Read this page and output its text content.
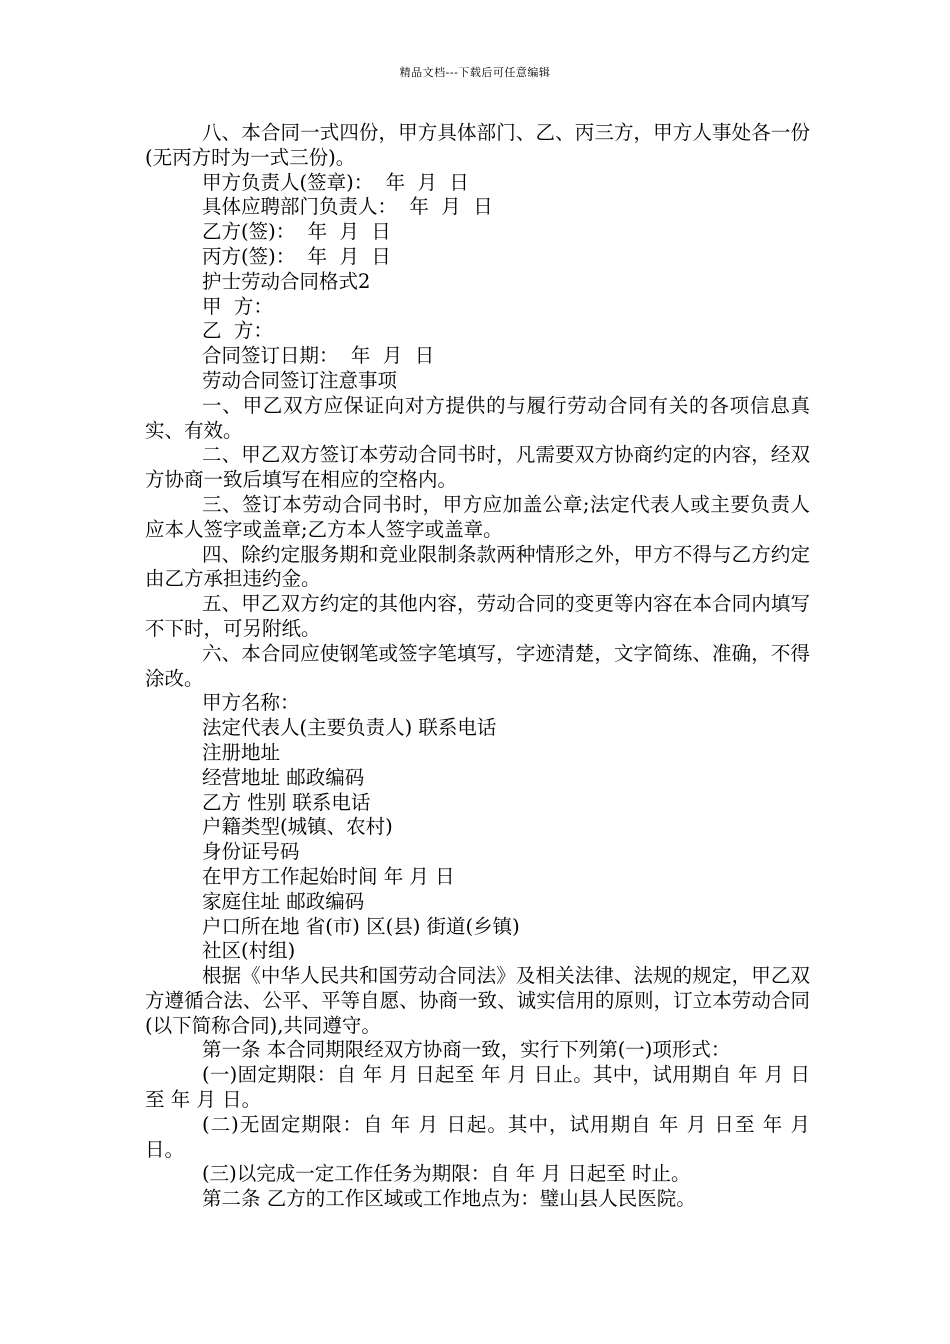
精品文档---下载后可任意编辑

八、本合同一式四份，甲方具体部门、乙、丙三方，甲方人事处各一份(无丙方时为一式三份)。

甲方负责人(签章)：  年  月  日

具体应聘部门负责人：  年  月  日

乙方(签)：  年  月  日

丙方(签)：  年  月  日

护士劳动合同格式2

甲  方：

乙  方：

合同签订日期：  年  月  日

劳动合同签订注意事项

一、甲乙双方应保证向对方提供的与履行劳动合同有关的各项信息真实、有效。

二、甲乙双方签订本劳动合同书时，凡需要双方协商约定的内容，经双方协商一致后填写在相应的空格内。

三、签订本劳动合同书时，甲方应加盖公章;法定代表人或主要负责人应本人签字或盖章;乙方本人签字或盖章。

四、除约定服务期和竞业限制条款两种情形之外，甲方不得与乙方约定由乙方承担违约金。

五、甲乙双方约定的其他内容，劳动合同的变更等内容在本合同内填写不下时，可另附纸。

六、本合同应使钢笔或签字笔填写，字迹清楚，文字简练、准确，不得涂改。

甲方名称：

法定代表人(主要负责人) 联系电话

注册地址

经营地址 邮政编码

乙方 性别 联系电话

户籍类型(城镇、农村)

身份证号码

在甲方工作起始时间 年 月 日

家庭住址 邮政编码

户口所在地 省(市) 区(县) 街道(乡镇)

社区(村组)

根据《中华人民共和国劳动合同法》及相关法律、法规的规定，甲乙双方遵循合法、公平、平等自愿、协商一致、诚实信用的原则，订立本劳动合同(以下简称合同),共同遵守。

第一条 本合同期限经双方协商一致，实行下列第(一)项形式：

(一)固定期限：自 年 月 日起至 年 月 日止。其中，试用期自 年 月 日至 年 月 日。

(二)无固定期限：自 年 月 日起。其中，试用期自 年 月 日至 年 月 日。

(三)以完成一定工作任务为期限：自 年 月 日起至 时止。

第二条 乙方的工作区域或工作地点为：璧山县人民医院。
